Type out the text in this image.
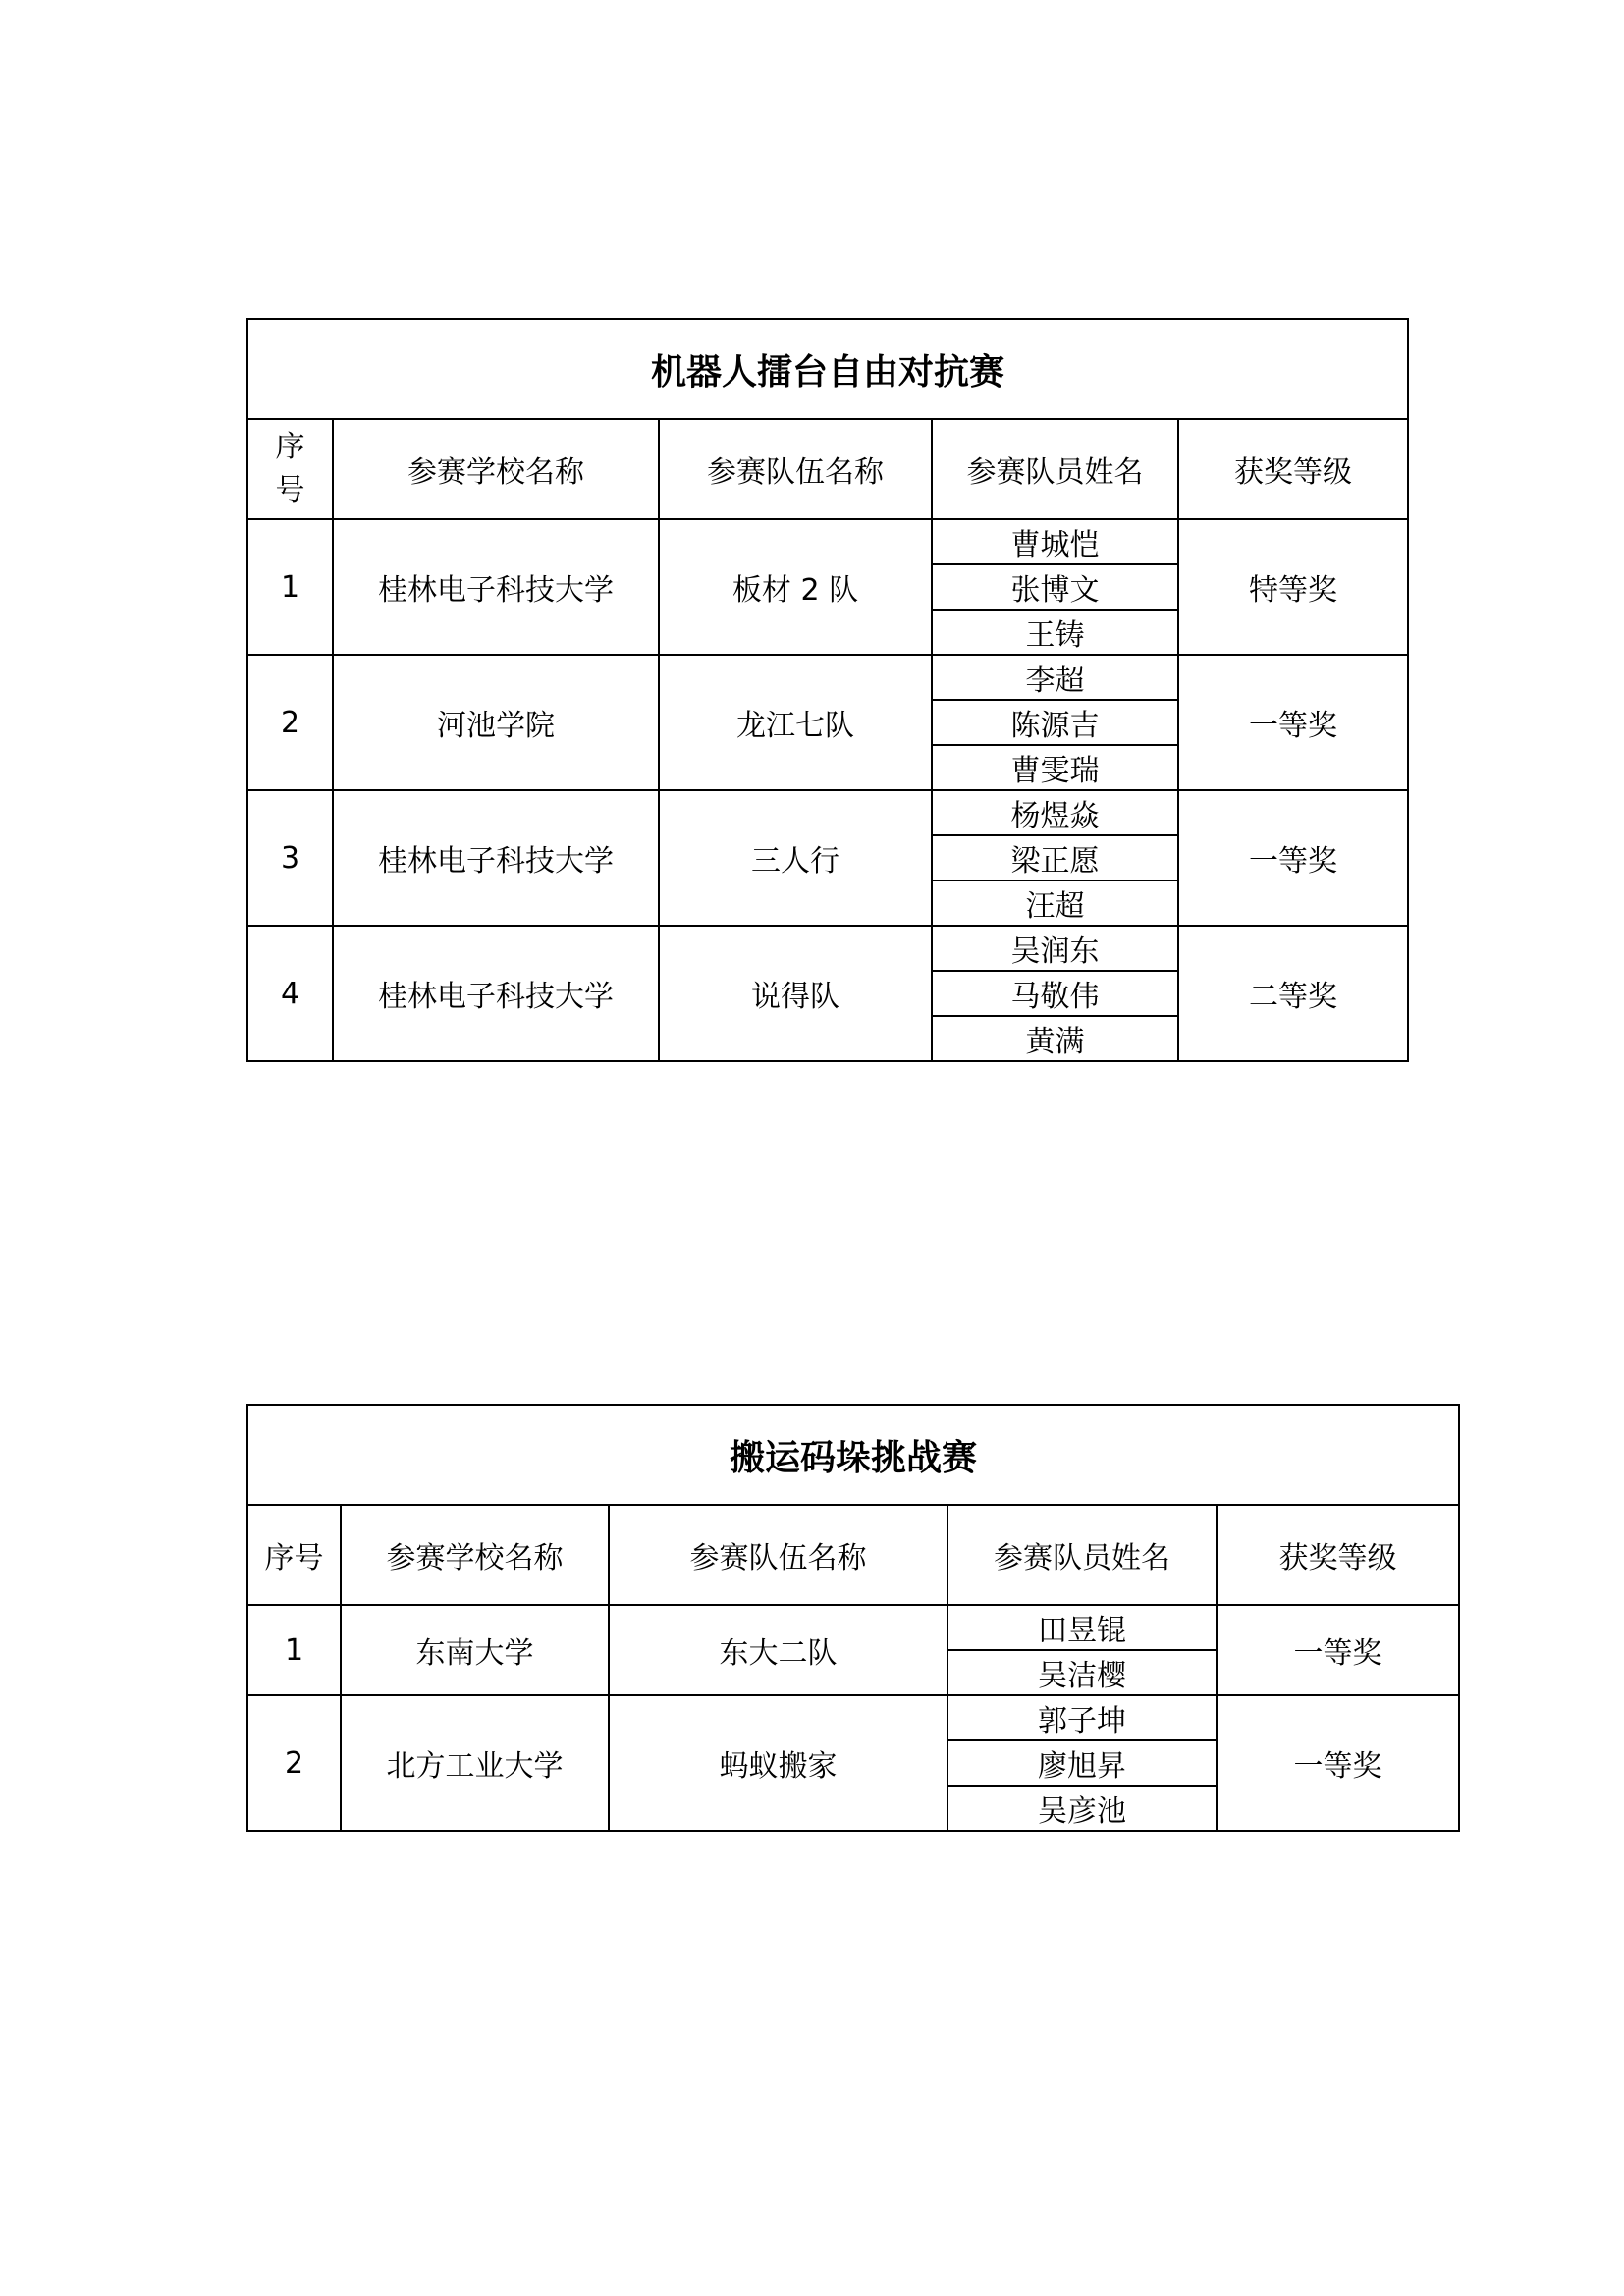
机器人擂台自由对抗赛				
序
号	参赛学校名称	参赛队伍名称	参赛队员姓名	获奖等级
1	桂林电子科技大学	板材 2 队	曹城恺	特等奖
			张博文	
			王铸	
2	河池学院	龙江七队	李超	一等奖
			陈源吉	
			曹雯瑞	
3	桂林电子科技大学	三人行	杨煜焱	一等奖
			梁正愿	
			汪超	
4	桂林电子科技大学	说得队	吴润东	二等奖
			马敬伟	
			黄满	
搬运码垛挑战赛				
序号	参赛学校名称	参赛队伍名称	参赛队员姓名	获奖等级
1	东南大学	东大二队	田昱锟	一等奖
			吴洁樱	
2	北方工业大学	蚂蚁搬家	郭子坤	一等奖
			廖旭昇	
			吴彦池	
